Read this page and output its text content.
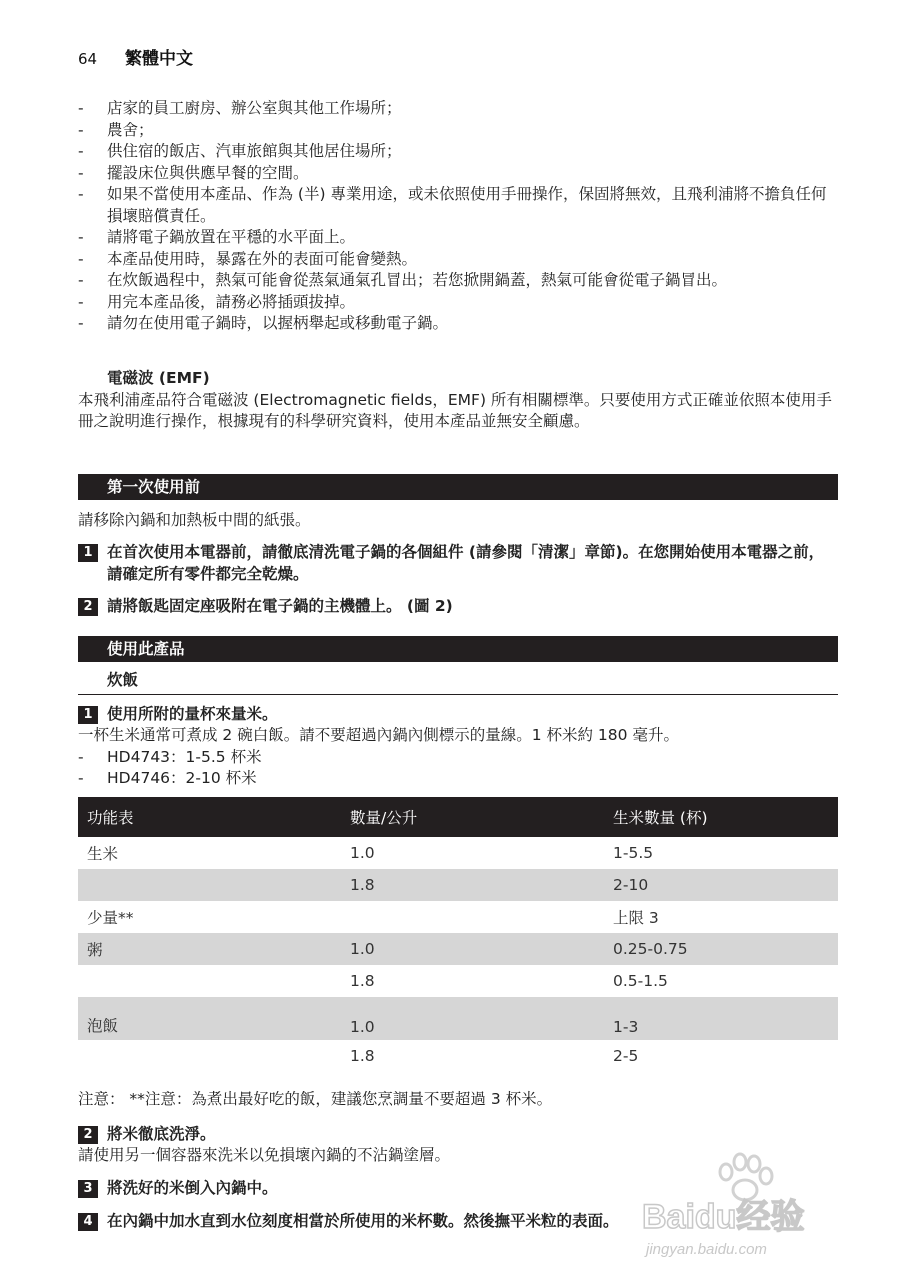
64 繁體中文
- 店家的員工廚房、辦公室與其他工作場所；
- 農舍；
- 供住宿的飯店、汽車旅館與其他居住場所；
- 擺設床位與供應早餐的空間。
- 如果不當使用本產品、作為 (半) 專業用途，或未依照使用手冊操作，保固將無效，且飛利浦將不擔負任何損壞賠償責任。
- 請將電子鍋放置在平穩的水平面上。
- 本產品使用時，暴露在外的表面可能會變熱。
- 在炊飯過程中，熱氣可能會從蒸氣通氣孔冒出；若您掀開鍋蓋，熱氣可能會從電子鍋冒出。
- 用完本產品後，請務必將插頭拔掉。
- 請勿在使用電子鍋時，以握柄舉起或移動電子鍋。
電磁波 (EMF)
本飛利浦產品符合電磁波 (Electromagnetic fields，EMF) 所有相關標準。只要使用方式正確並依照本使用手冊之說明進行操作，根據現有的科學研究資料，使用本產品並無安全顧慮。
第一次使用前
請移除內鍋和加熱板中間的紙張。
1 在首次使用本電器前，請徹底清洗電子鍋的各個組件 (請參閱「清潔」章節)。在您開始使用本電器之前，請確定所有零件都完全乾燥。
2 請將飯匙固定座吸附在電子鍋的主機體上。 (圖 2)
使用此產品
炊飯
1 使用所附的量杯來量米。
一杯生米通常可煮成 2 碗白飯。請不要超過內鍋內側標示的量線。1 杯米約 180 毫升。
- HD4743：1-5.5 杯米
- HD4746：2-10 杯米
功能表	數量/公升	生米數量 (杯)
生米	1.0	1-5.5
	1.8	2-10
少量**		上限 3
粥	1.0	0.25-0.75
	1.8	0.5-1.5
泡飯	1.0	1-3
	1.8	2-5
注意： **注意：為煮出最好吃的飯，建議您烹調量不要超過 3 杯米。
2 將米徹底洗淨。
請使用另一個容器來洗米以免損壞內鍋的不沾鍋塗層。
3 將洗好的米倒入內鍋中。
4 在內鍋中加水直到水位刻度相當於所使用的米杯數。然後撫平米粒的表面。 Baidu经验
jingyan.baidu.com
